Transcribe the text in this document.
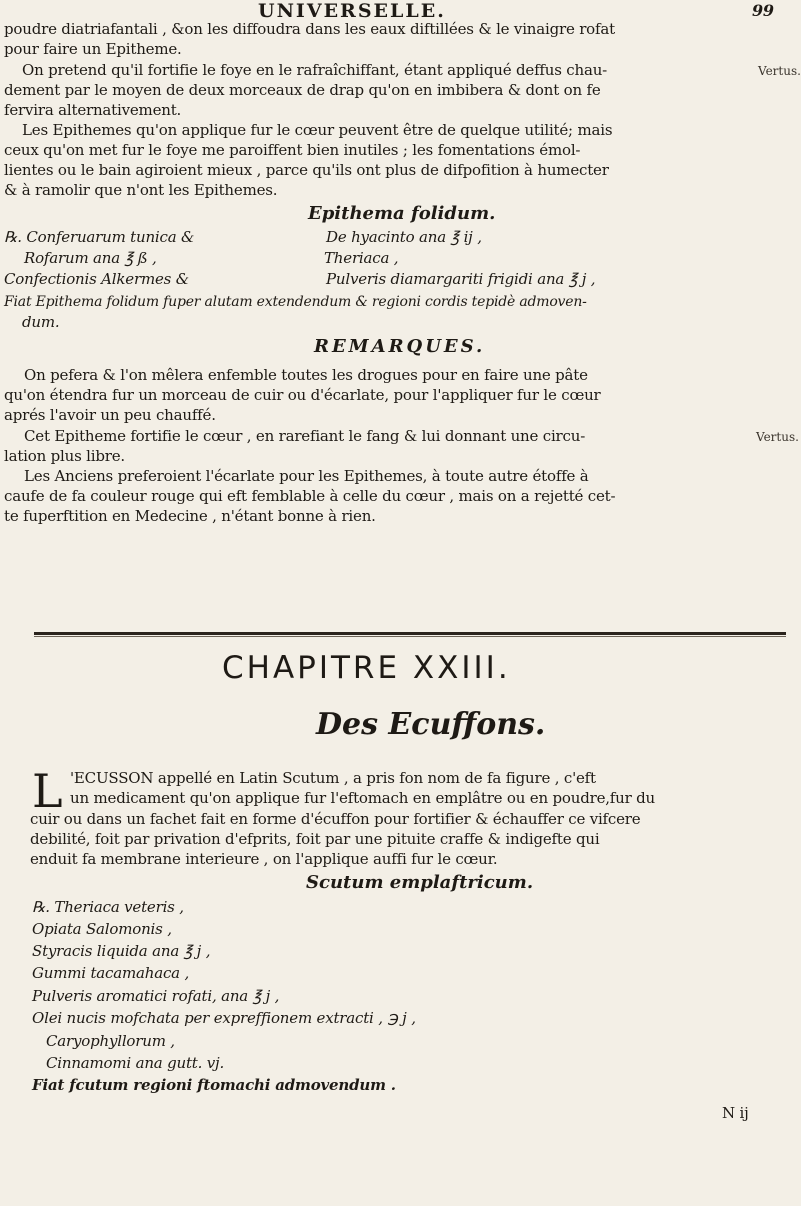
UNIVERSELLE.	99
poudre diatriafantali , &on les diffoudra dans les eaux diftillées & le vinaigre rofat
pour faire un Epitheme.
On pretend qu'il fortifie le foye en le rafraîchiffant, étant appliqué deffus chau-
dement par le moyen de deux morceaux de drap qu'on en imbibera & dont on fe
fervira alternativement.
Les Epithemes qu'on applique fur le cœur peuvent être de quelque utilité; mais
ceux qu'on met fur le foye me paroiffent bien inutiles ; les fomentations émol-
lientes ou le bain agiroient mieux , parce qu'ils ont plus de difpofition à humecter
& à ramolir que n'ont les Epithemes.
Vertus.
Epithema folidum.
℞. Conferuarum tunica &
Rofarum ana ℥ ß ,
Confectionis Alkermes &
De hyacinto ana ℥ ij ,
Theriaca ,
Pulveris diamargariti frigidi ana ℥ j ,
Fiat Epithema folidum fuper alutam extendendum & regioni cordis tepidè admoven-
dum.
REMARQUES.
On pefera & l'on mêlera enfemble toutes les drogues pour en faire une pâte
qu'on étendra fur un morceau de cuir ou d'écarlate, pour l'appliquer fur le cœur
aprés l'avoir un peu chauffé.
Cet Epitheme fortifie le cœur , en rarefiant le fang & lui donnant une circu-
lation plus libre.
Les Anciens preferoient l'écarlate pour les Epithemes, à toute autre étoffe à
caufe de fa couleur rouge qui eft femblable à celle du cœur , mais on a rejetté cet-
te fuperftition en Medecine , n'étant bonne à rien.
Vertus.
CHAPITRE XXIII.
Des Ecuffons.
L 'ECUSSON appellé en Latin Scutum , a pris fon nom de fa figure , c'eft
un medicament qu'on applique fur l'eftomach en emplâtre ou en poudre,fur du
cuir ou dans un fachet fait en forme d'écuffon pour fortifier & échauffer ce vifcere
debilité, foit par privation d'efprits, foit par une pituite craffe & indigefte qui
enduit fa membrane interieure , on l'applique auffi fur le cœur.
Scutum emplaftricum.
℞. Theriaca veteris ,
Opiata Salomonis ,
Styracis liquida ana ℥ j ,
Gummi tacamahaca ,
Pulveris aromatici rofati, ana ℥ j ,
Olei nucis mofchata per expreffionem extracti , ℈ j ,
Caryophyllorum ,
Cinnamomi ana gutt. vj.
Fiat fcutum regioni ftomachi admovendum .
N ij
